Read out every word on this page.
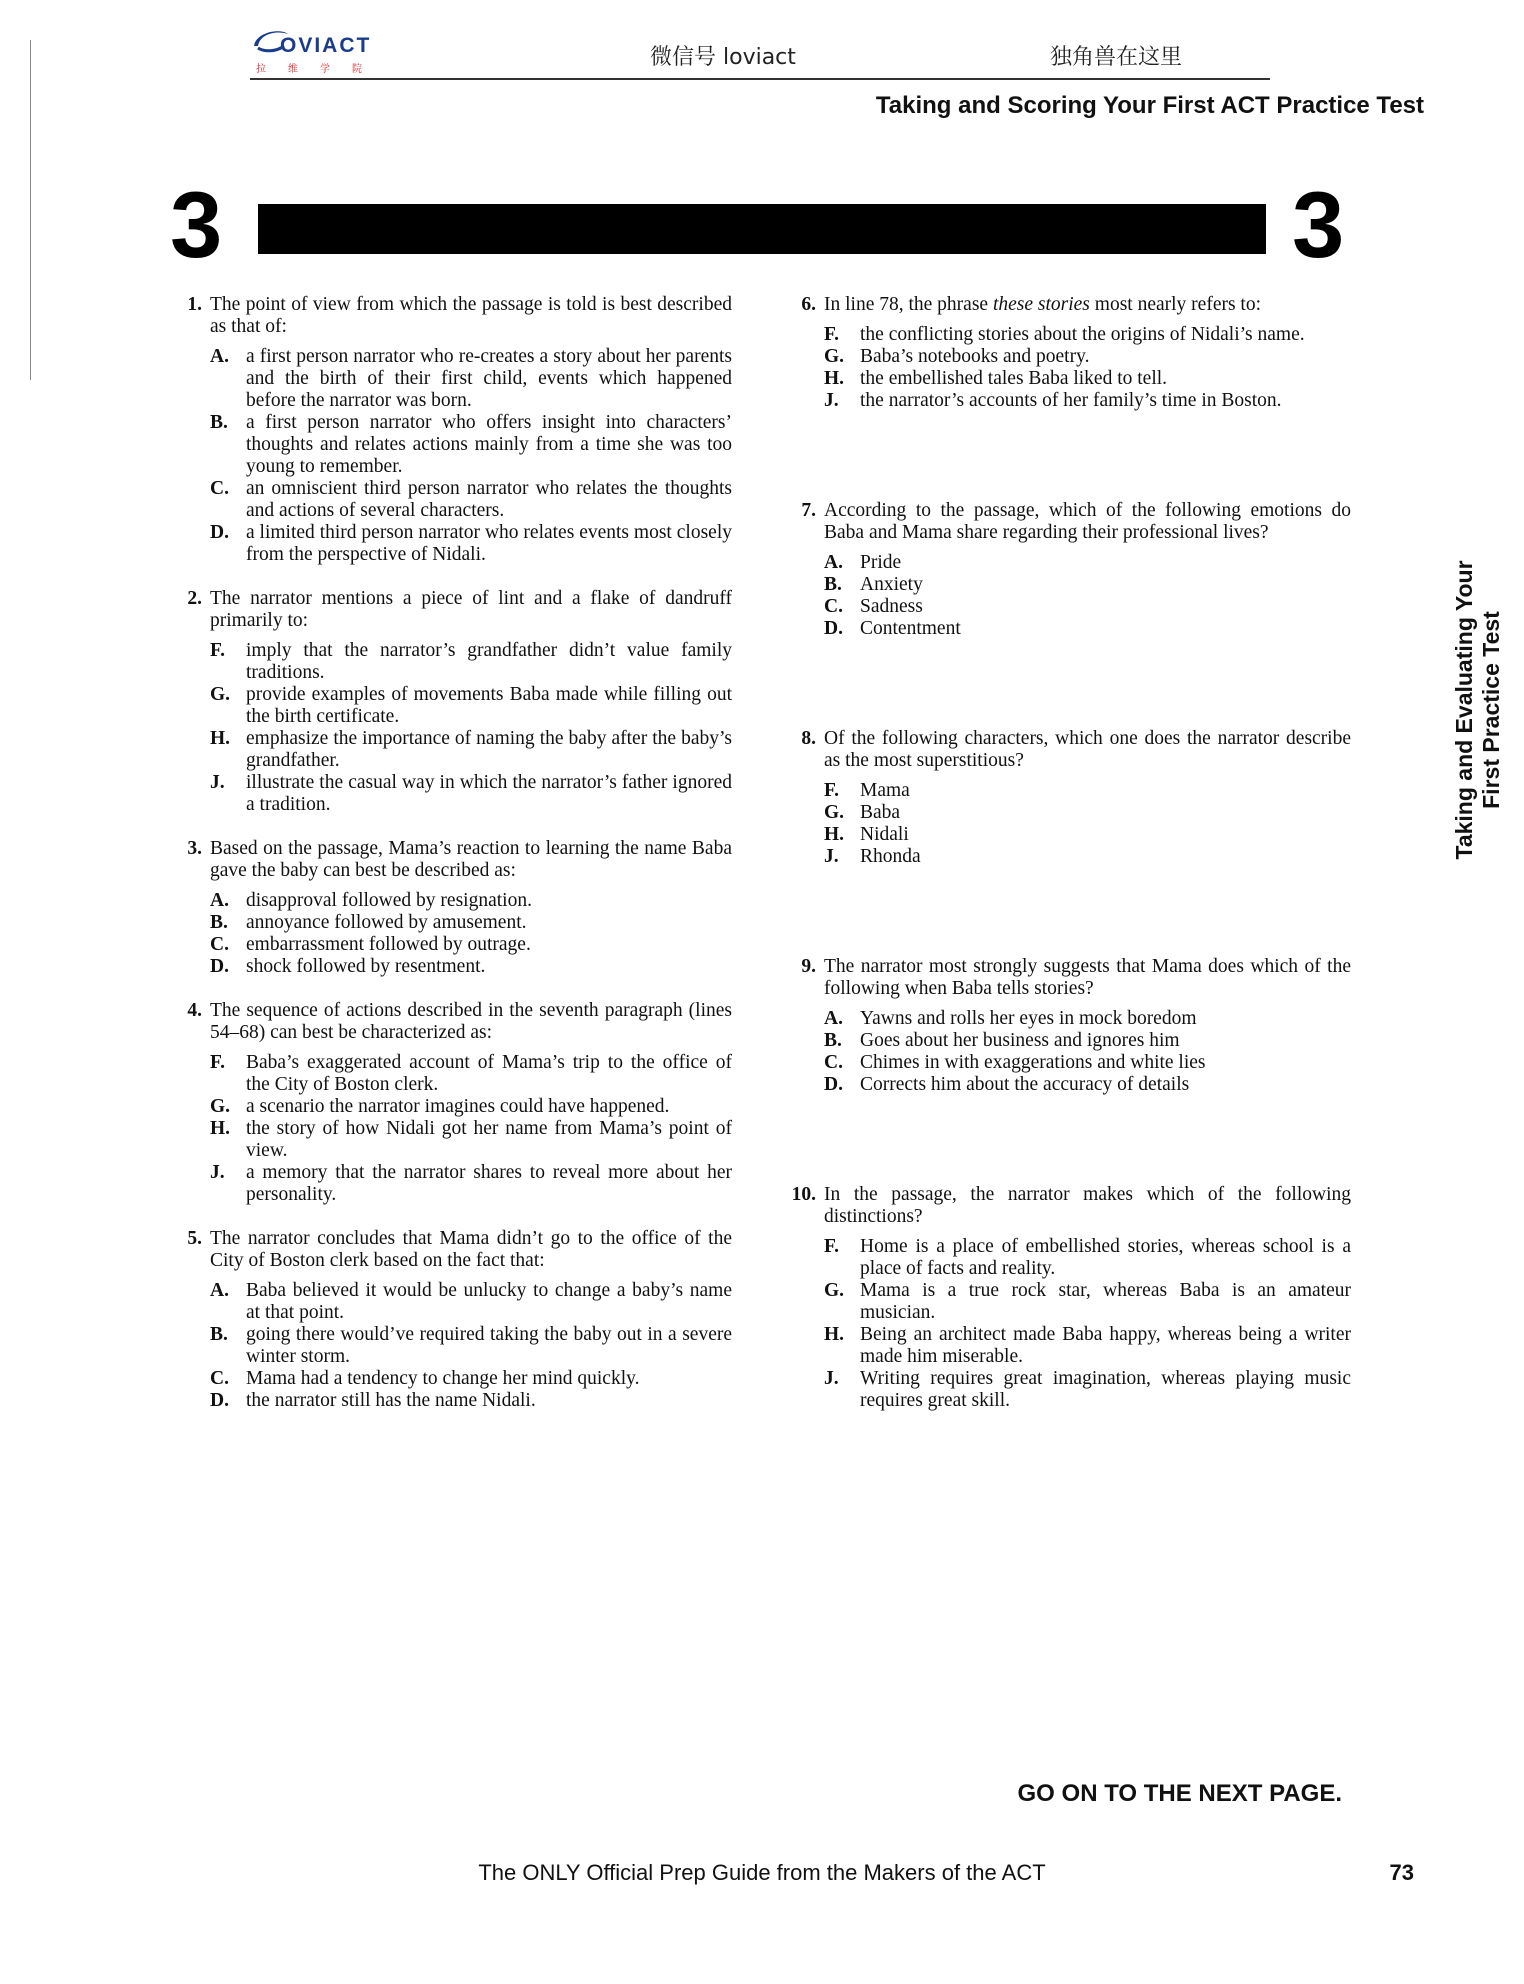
OVIACT
拉维学院	微信号 loviact	独角兽在这里
Taking and Scoring Your First ACT Practice Test
3	3
1. The point of view from which the passage is told is best described as that of:
A. a first person narrator who re-creates a story about her parents and the birth of their first child, events which happened before the narrator was born.
B. a first person narrator who offers insight into characters’ thoughts and relates actions mainly from a time she was too young to remember.
C. an omniscient third person narrator who relates the thoughts and actions of several characters.
D. a limited third person narrator who relates events most closely from the perspective of Nidali.
2. The narrator mentions a piece of lint and a flake of dandruff primarily to:
F. imply that the narrator’s grandfather didn’t value family traditions.
G. provide examples of movements Baba made while filling out the birth certificate.
H. emphasize the importance of naming the baby after the baby’s grandfather.
J. illustrate the casual way in which the narrator’s father ignored a tradition.
3. Based on the passage, Mama’s reaction to learning the name Baba gave the baby can best be described as:
A. disapproval followed by resignation.
B. annoyance followed by amusement.
C. embarrassment followed by outrage.
D. shock followed by resentment.
4. The sequence of actions described in the seventh paragraph (lines 54–68) can best be characterized as:
F. Baba’s exaggerated account of Mama’s trip to the office of the City of Boston clerk.
G. a scenario the narrator imagines could have happened.
H. the story of how Nidali got her name from Mama’s point of view.
J. a memory that the narrator shares to reveal more about her personality.
5. The narrator concludes that Mama didn’t go to the office of the City of Boston clerk based on the fact that:
A. Baba believed it would be unlucky to change a baby’s name at that point.
B. going there would’ve required taking the baby out in a severe winter storm.
C. Mama had a tendency to change her mind quickly.
D. the narrator still has the name Nidali.
6. In line 78, the phrase these stories most nearly refers to:
F. the conflicting stories about the origins of Nidali’s name.
G. Baba’s notebooks and poetry.
H. the embellished tales Baba liked to tell.
J. the narrator’s accounts of her family’s time in Boston.
7. According to the passage, which of the following emotions do Baba and Mama share regarding their professional lives?
A. Pride
B. Anxiety
C. Sadness
D. Contentment
8. Of the following characters, which one does the narrator describe as the most superstitious?
F. Mama
G. Baba
H. Nidali
J. Rhonda
9. The narrator most strongly suggests that Mama does which of the following when Baba tells stories?
A. Yawns and rolls her eyes in mock boredom
B. Goes about her business and ignores him
C. Chimes in with exaggerations and white lies
D. Corrects him about the accuracy of details
10. In the passage, the narrator makes which of the following distinctions?
F. Home is a place of embellished stories, whereas school is a place of facts and reality.
G. Mama is a true rock star, whereas Baba is an amateur musician.
H. Being an architect made Baba happy, whereas being a writer made him miserable.
J. Writing requires great imagination, whereas playing music requires great skill.
Taking and Evaluating Your First Practice Test
GO ON TO THE NEXT PAGE.
The ONLY Official Prep Guide from the Makers of the ACT	73
